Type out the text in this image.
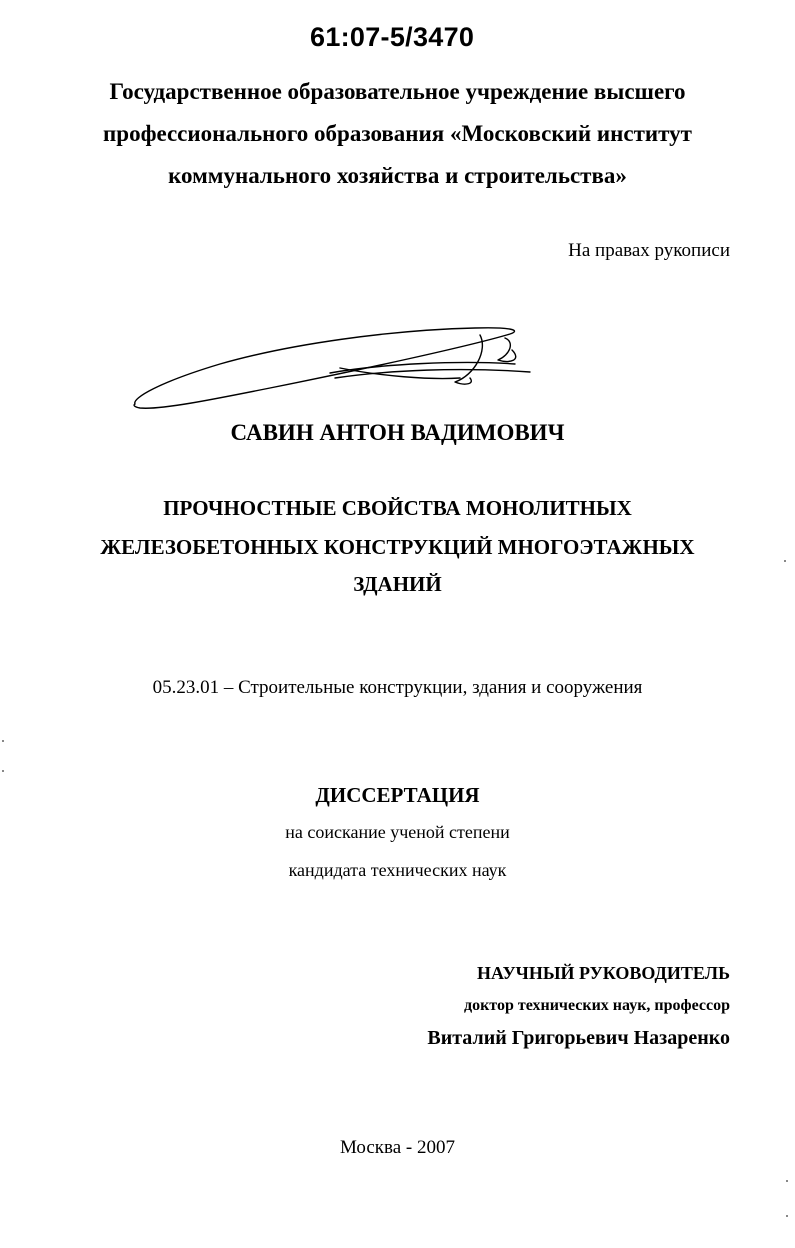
61:07-5/3470
Государственное образовательное учреждение высшего
профессионального образования «Московский институт
коммунального хозяйства и строительства»
На правах рукописи
САВИН АНТОН ВАДИМОВИЧ
ПРОЧНОСТНЫЕ СВОЙСТВА МОНОЛИТНЫХ
ЖЕЛЕЗОБЕТОННЫХ КОНСТРУКЦИЙ МНОГОЭТАЖНЫХ
ЗДАНИЙ
05.23.01 – Строительные конструкции, здания и сооружения
ДИССЕРТАЦИЯ
на соискание ученой степени
кандидата технических наук
НАУЧНЫЙ РУКОВОДИТЕЛЬ
доктор технических наук, профессор
Виталий Григорьевич Назаренко
Москва - 2007
